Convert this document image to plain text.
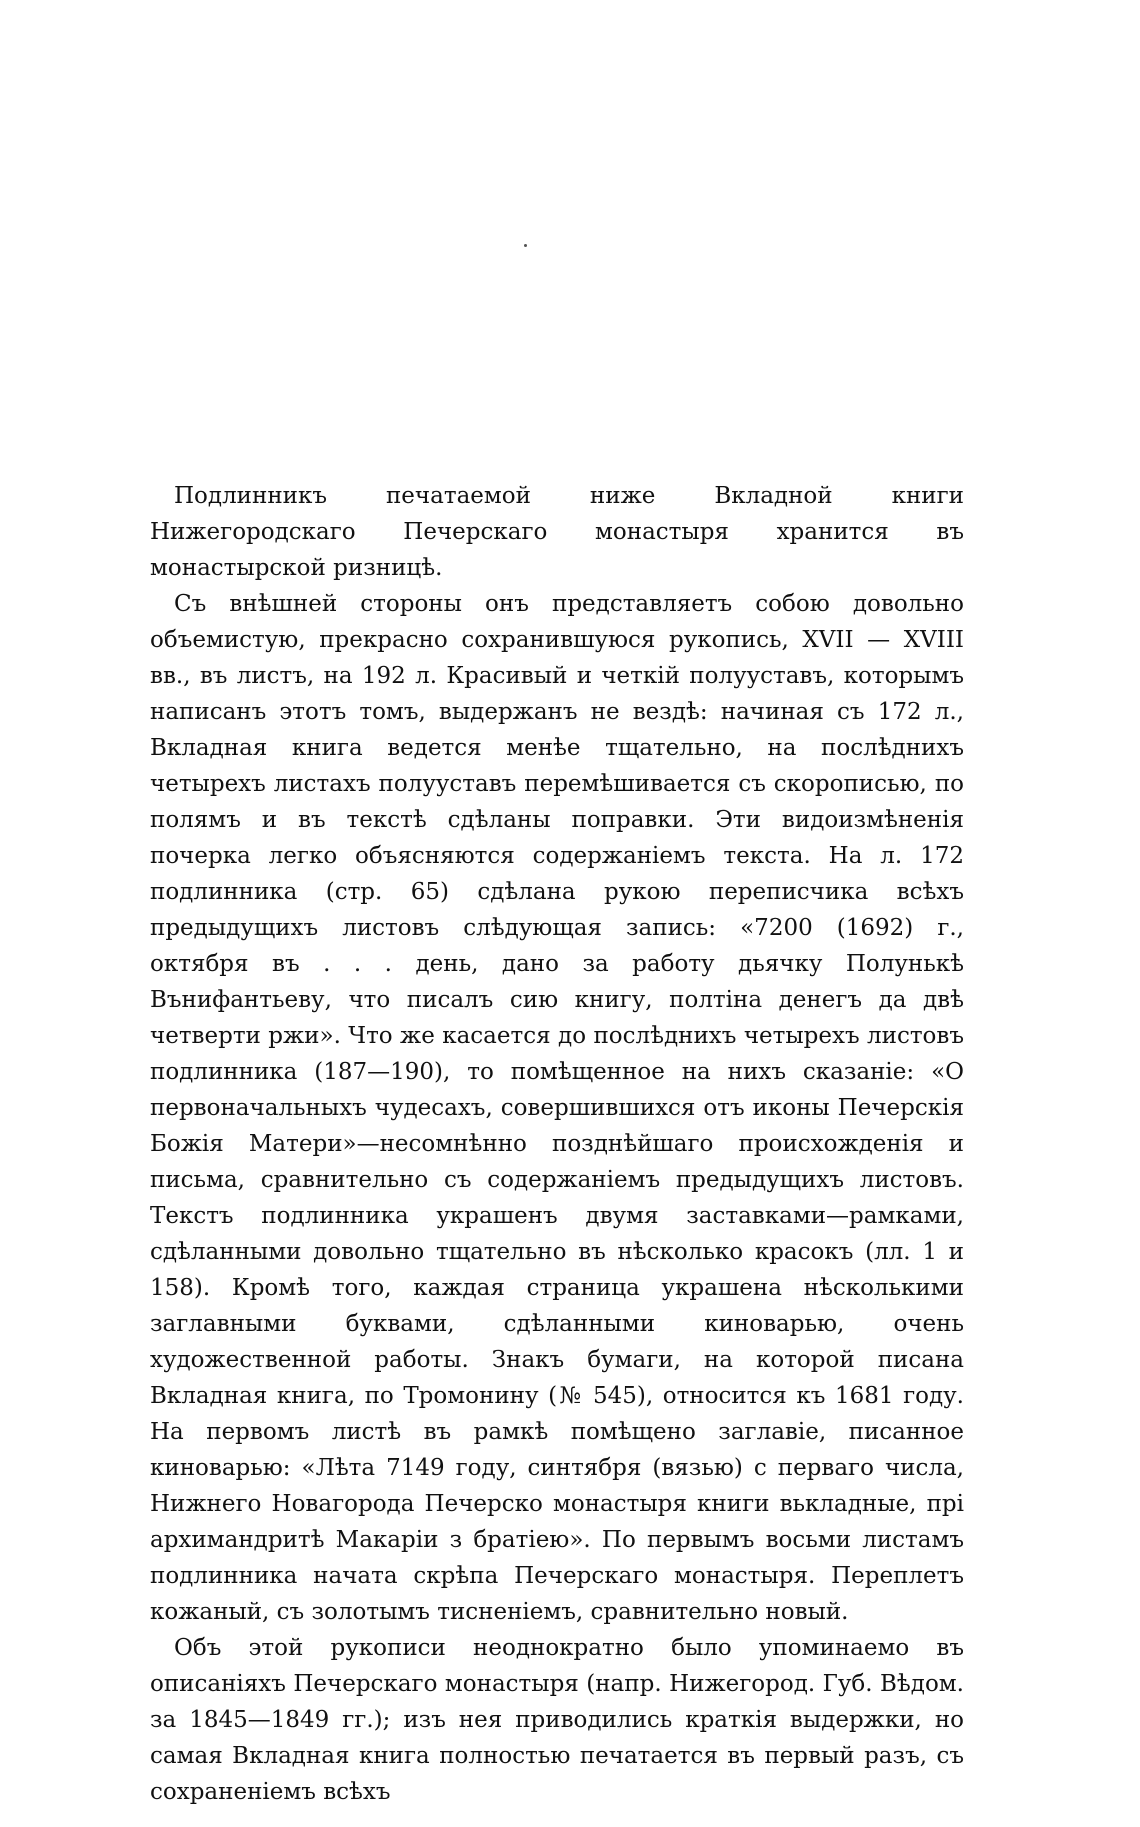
Подлинникъ печатаемой ниже Вкладной книги Нижегородскаго Печерскаго монастыря хранится въ монастырской ризницѣ.

Съ внѣшней стороны онъ представляетъ собою довольно объемистую, прекрасно сохранившуюся рукопись, XVII — XVIII вв., въ листъ, на 192 л. Красивый и четкій полууставъ, которымъ написанъ этотъ томъ, выдержанъ не вездѣ: начиная съ 172 л., Вкладная книга ведется менѣе тщательно, на послѣднихъ четырехъ листахъ полууставъ перемѣшивается съ скорописью, по полямъ и въ текстѣ сдѣланы поправки. Эти видоизмѣненія почерка легко объясняются содержаніемъ текста. На л. 172 подлинника (стр. 65) сдѣлана рукою переписчика всѣхъ предыдущихъ листовъ слѣдующая запись: «7200 (1692) г., октября въ . . . день, дано за работу дьячку Полунькѣ Вънифантьеву, что писалъ сию книгу, полтіна денегъ да двѣ четверти ржи». Что же касается до послѣднихъ четырехъ листовъ подлинника (187—190), то помѣщенное на нихъ сказаніе: «О первоначальныхъ чудесахъ, совершившихся отъ иконы Печерскія Божія Матери»—несомнѣнно позднѣйшаго происхожденія и письма, сравнительно съ содержаніемъ предыдущихъ листовъ. Текстъ подлинника украшенъ двумя заставками—рамками, сдѣланными довольно тщательно въ нѣсколько красокъ (лл. 1 и 158). Кромѣ того, каждая страница украшена нѣсколькими заглавными буквами, сдѣланными киноварью, очень художественной работы. Знакъ бумаги, на которой писана Вкладная книга, по Тромонину (№ 545), относится къ 1681 году. На первомъ листѣ въ рамкѣ помѣщено заглавіе, писанное киноварью: «Лѣта 7149 году, синтября (вязью) с перваго числа, Нижнего Новагорода Печерско монастыря книги вькладные, прі архимандритѣ Макаріи з братіею». По первымъ восьми листамъ подлинника начата скрѣпа Печерскаго монастыря. Переплетъ кожаный, съ золотымъ тисненіемъ, сравнительно новый.

Объ этой рукописи неоднократно было упоминаемо въ описаніяхъ Печерскаго монастыря (напр. Нижегород. Губ. Вѣдом. за 1845—1849 гг.); изъ нея приводились краткія выдержки, но самая Вкладная книга полностью печатается въ первый разъ, съ сохраненіемъ всѣхъ
